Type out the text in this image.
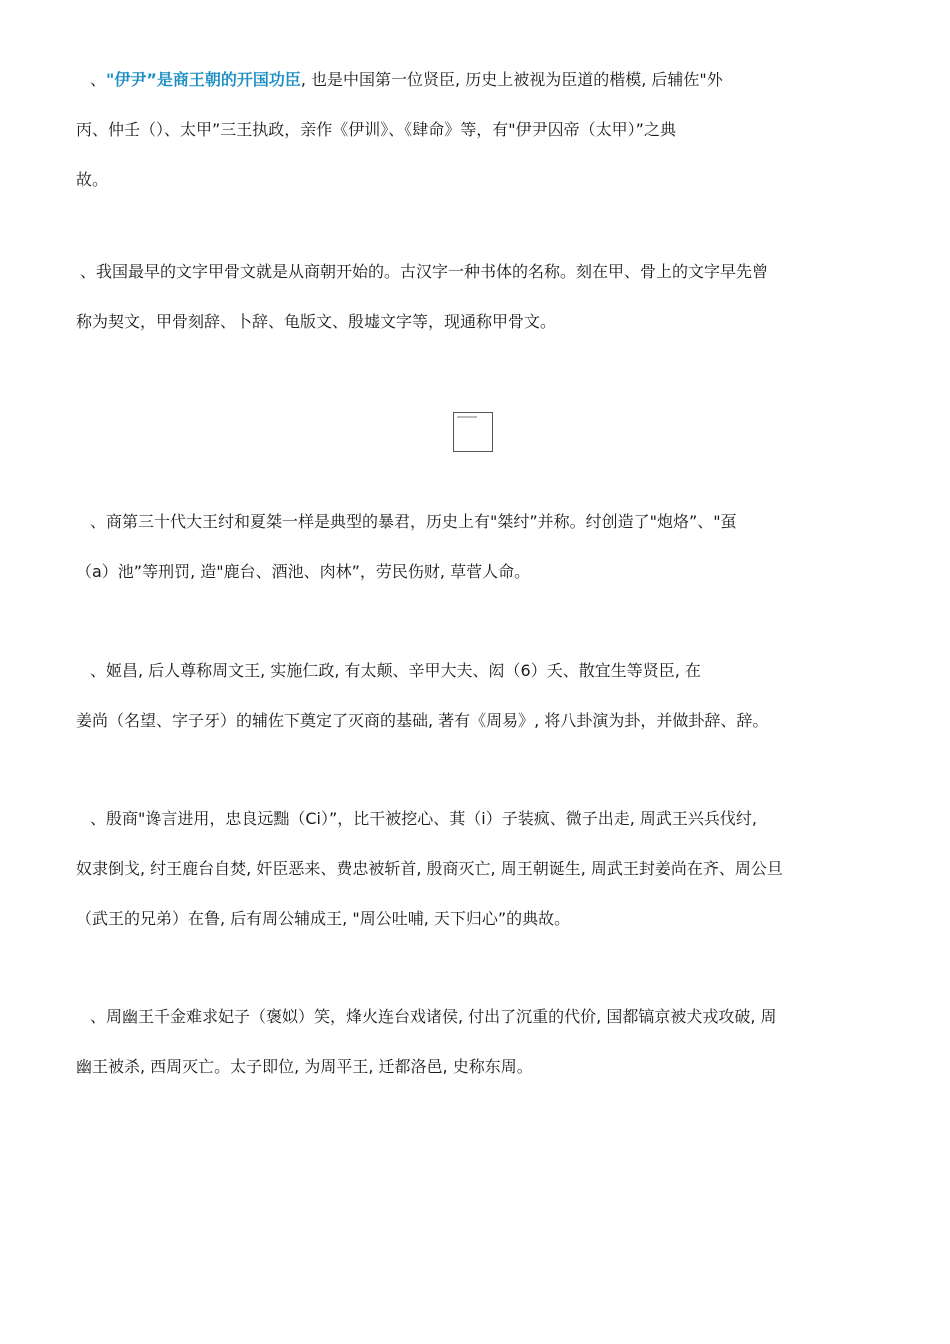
、"伊尹”是商王朝的开国功臣, 也是中国第一位贤臣, 历史上被视为臣道的楷模, 后辅佐"外
丙、仲壬（）、太甲”三王执政，亲作《伊训》、《肆命》等，有"伊尹囚帝（太甲）”之典
故。
、我国最早的文字甲骨文就是从商朝开始的。古汉字一种书体的名称。刻在甲、骨上的文字早先曾
称为契文，甲骨刻辞、卜辞、龟版文、殷墟文字等，现通称甲骨文。
、商第三十代大王纣和夏桀一样是典型的暴君，历史上有"桀纣”并称。纣创造了"炮烙”、"虿
（a）池”等刑罚, 造"鹿台、酒池、肉林”，劳民伤财, 草菅人命。
、姬昌, 后人尊称周文王, 实施仁政, 有太颠、辛甲大夫、闳（6）夭、散宜生等贤臣, 在
姜尚（名望、字子牙）的辅佐下奠定了灭商的基础, 著有《周易》, 将八卦演为卦，并做卦辞、辞。
、殷商"谗言进用，忠良远黜（Ci）”，比干被挖心、萁（i）子装疯、微子出走, 周武王兴兵伐纣,
奴隶倒戈, 纣王鹿台自焚, 奸臣恶来、费忠被斩首, 殷商灭亡, 周王朝诞生, 周武王封姜尚在齐、周公旦
（武王的兄弟）在鲁, 后有周公辅成王, "周公吐哺, 天下归心”的典故。
、周幽王千金难求妃子（褒姒）笑，烽火连台戏诸侯, 付出了沉重的代价, 国都镐京被犬戎攻破, 周
幽王被杀, 西周灭亡。太子即位, 为周平王, 迁都洛邑, 史称东周。
